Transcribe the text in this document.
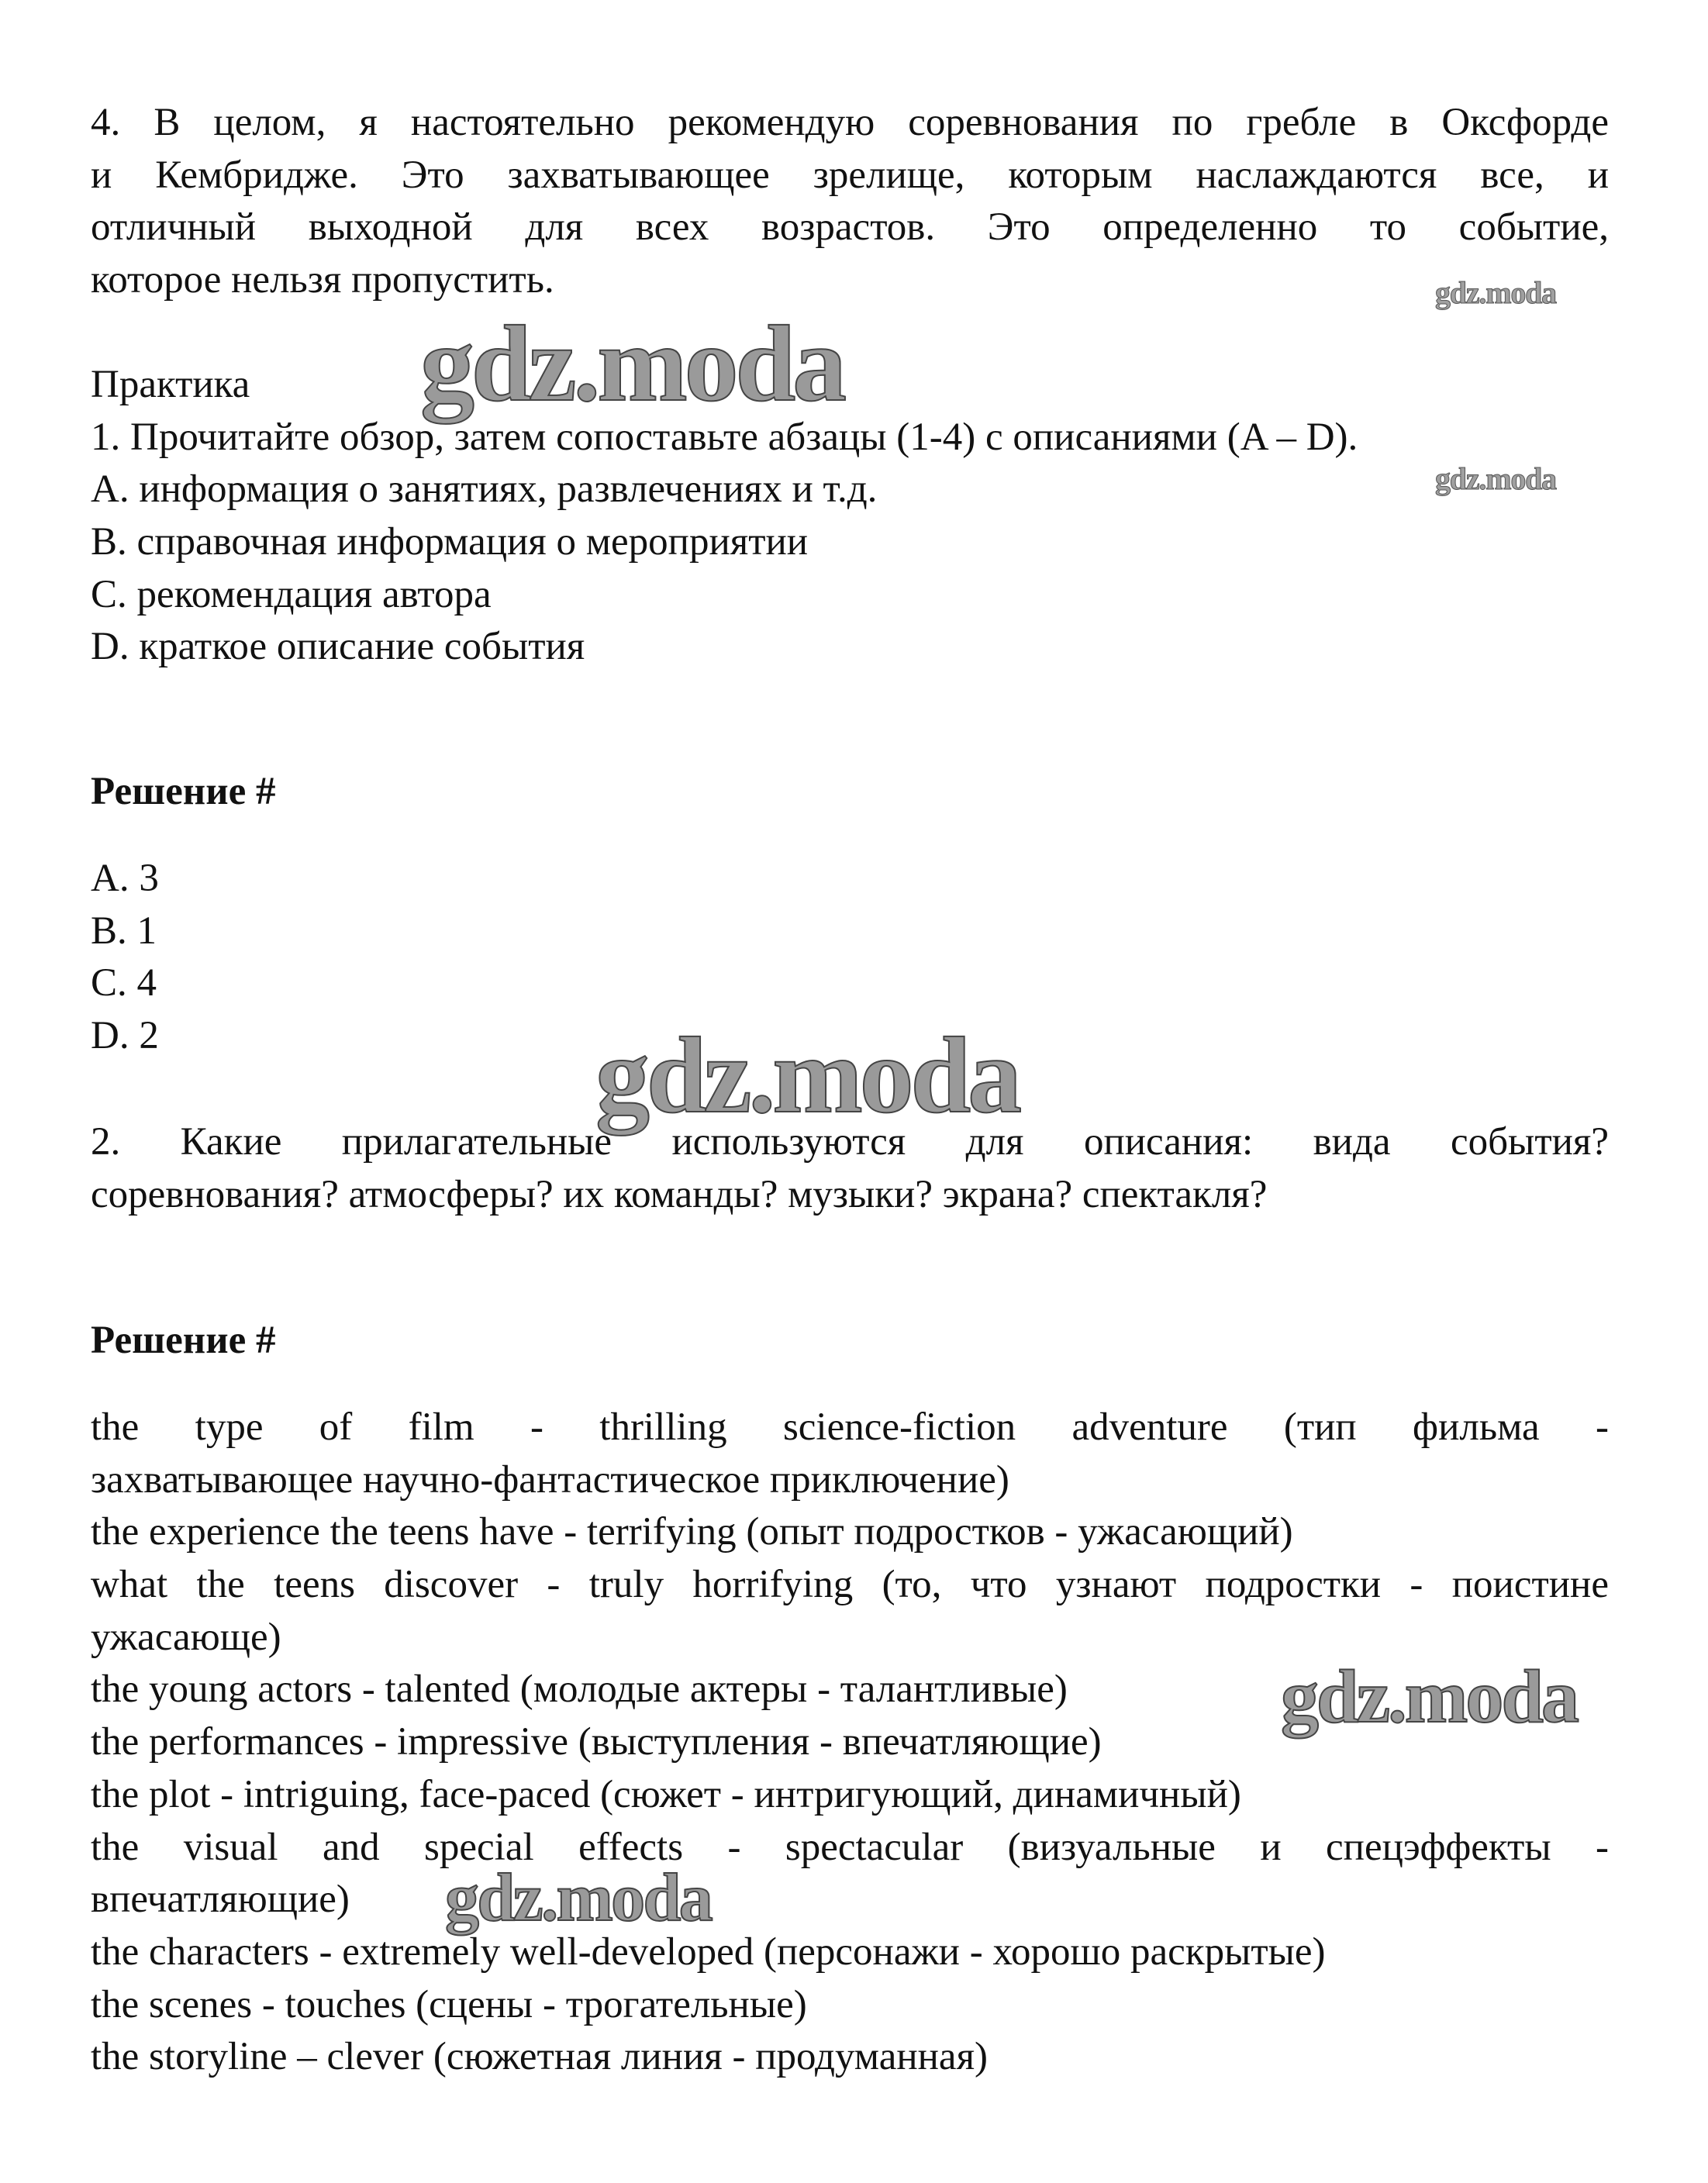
4. В целом, я настоятельно рекомендую соревнования по гребле в Оксфорде
и Кембридже. Это захватывающее зрелище, которым наслаждаются все, и
отличный выходной для всех возрастов. Это определенно то событие,
которое нельзя пропустить.
Практика
1. Прочитайте обзор, затем сопоставьте абзацы (1-4) с описаниями (A – D).
A. информация о занятиях, развлечениях и т.д.
B. справочная информация о мероприятии
C. рекомендация автора
D. краткое описание события
Решение #
A. 3
B. 1
C. 4
D. 2
2. Какие прилагательные используются для описания: вида события?
соревнования? атмосферы? их команды? музыки? экрана? спектакля?
Решение #
the type of film - thrilling science-fiction adventure (тип фильма -
захватывающее научно-фантастическое приключение)
the experience the teens have - terrifying (опыт подростков - ужасающий)
what the teens discover - truly horrifying (то, что узнают подростки - поистине
ужасающе)
the young actors - talented (молодые актеры - талантливые)
the performances - impressive (выступления - впечатляющие)
the plot - intriguing, face-paced (сюжет - интригующий, динамичный)
the visual and special effects - spectacular (визуальные и спецэффекты -
впечатляющие)
the characters - extremely well-developed (персонажи - хорошо раскрытые)
the scenes - touches (сцены - трогательные)
the storyline – clever (сюжетная линия - продуманная)
gdz.moda
gdz.moda
gdz.moda
gdz.moda
gdz.moda
gdz.moda
